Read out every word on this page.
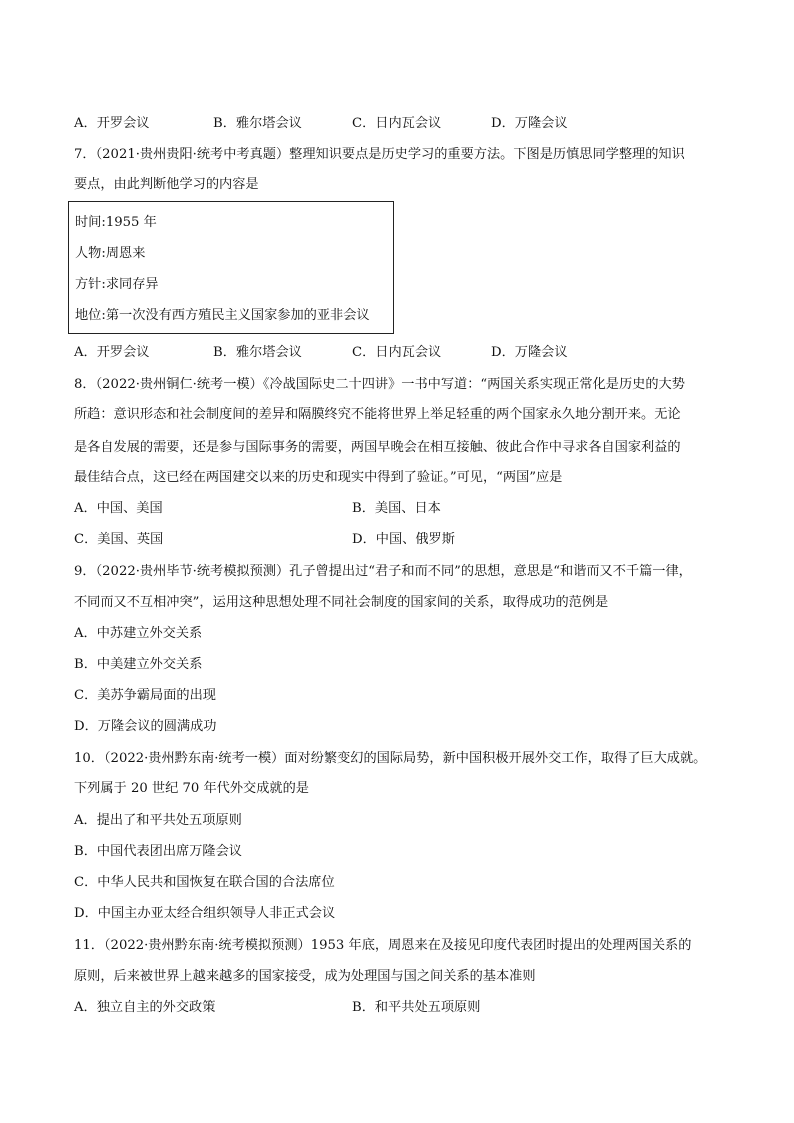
A．开罗会议	B．雅尔塔会议	C．日内瓦会议	D．万隆会议
7．（2021·贵州贵阳·统考中考真题）整理知识要点是历史学习的重要方法。下图是历慎思同学整理的知识
要点，由此判断他学习的内容是
时间:1955 年
人物:周恩来
方针:求同存异
地位:第一次没有西方殖民主义国家参加的亚非会议
A．开罗会议	B．雅尔塔会议	C．日内瓦会议	D．万隆会议
8．（2022·贵州铜仁·统考一模）《冷战国际史二十四讲》一书中写道：“两国关系实现正常化是历史的大势
所趋：意识形态和社会制度间的差异和隔膜终究不能将世界上举足轻重的两个国家永久地分割开来。无论
是各自发展的需要，还是参与国际事务的需要，两国早晚会在相互接触、彼此合作中寻求各自国家利益的
最佳结合点，这已经在两国建交以来的历史和现实中得到了验证。”可见，“两国”应是
A．中国、美国	B．美国、日本
C．美国、英国	D．中国、俄罗斯
9．（2022·贵州毕节·统考模拟预测）孔子曾提出过“君子和而不同”的思想，意思是“和谐而又不千篇一律，
不同而又不互相冲突”，运用这种思想处理不同社会制度的国家间的关系，取得成功的范例是
A．中苏建立外交关系
B．中美建立外交关系
C．美苏争霸局面的出现
D．万隆会议的圆满成功
10．（2022·贵州黔东南·统考一模）面对纷繁变幻的国际局势，新中国积极开展外交工作，取得了巨大成就。
下列属于 20 世纪 70 年代外交成就的是
A．提出了和平共处五项原则
B．中国代表团出席万隆会议
C．中华人民共和国恢复在联合国的合法席位
D．中国主办亚太经合组织领导人非正式会议
11．（2022·贵州黔东南·统考模拟预测）1953 年底，周恩来在及接见印度代表团时提出的处理两国关系的
原则，后来被世界上越来越多的国家接受，成为处理国与国之间关系的基本准则
A．独立自主的外交政策	B．和平共处五项原则
